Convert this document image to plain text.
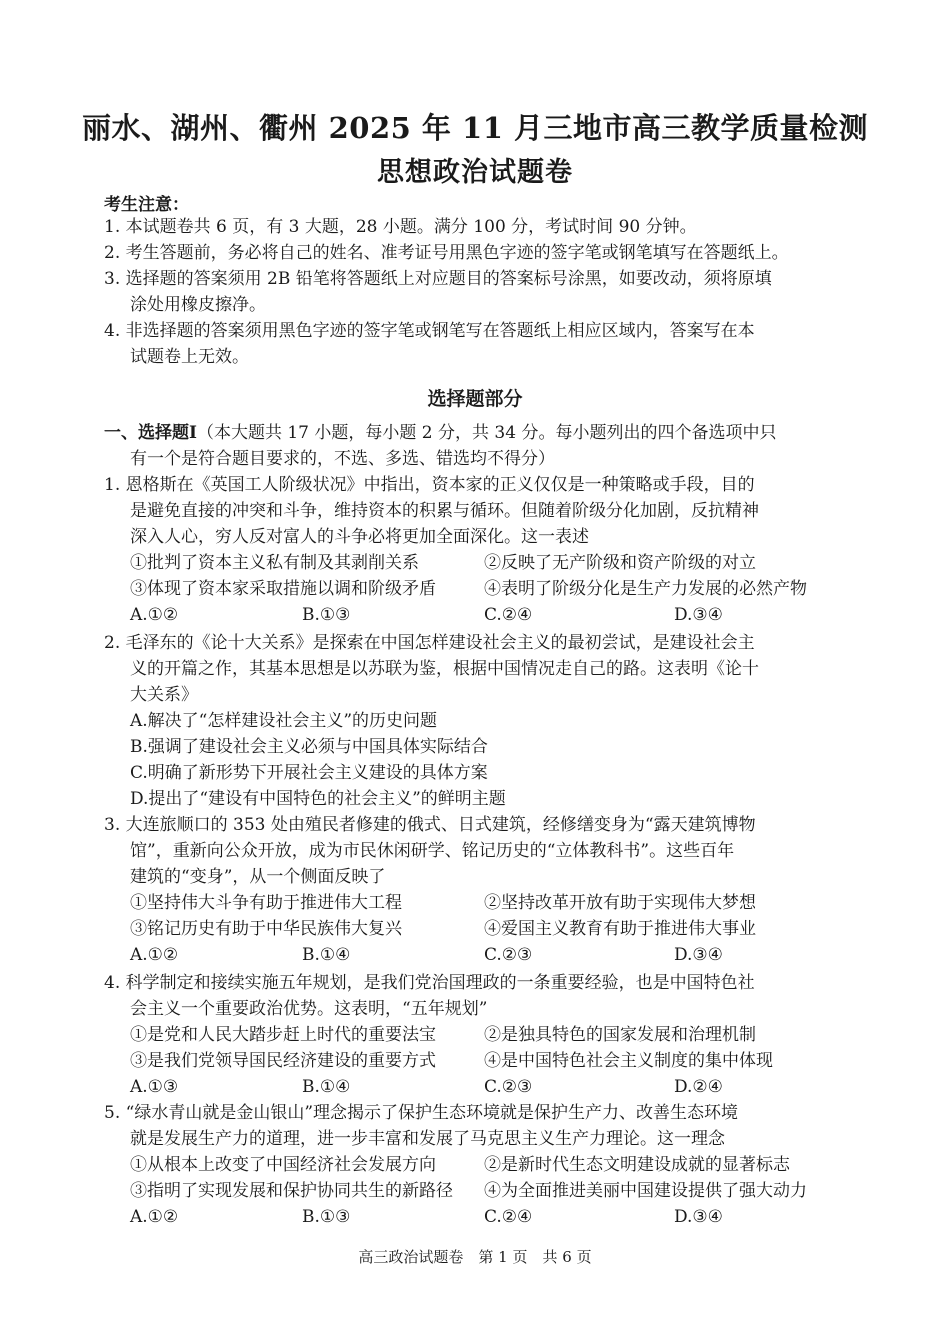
丽水、湖州、衢州 2025 年 11 月三地市高三教学质量检测
思想政治试题卷
考生注意：
1. 本试题卷共 6 页，有 3 大题，28 小题。满分 100 分，考试时间 90 分钟。
2. 考生答题前，务必将自己的姓名、准考证号用黑色字迹的签字笔或钢笔填写在答题纸上。
3. 选择题的答案须用 2B 铅笔将答题纸上对应题目的答案标号涂黑，如要改动，须将原填
涂处用橡皮擦净。
4. 非选择题的答案须用黑色字迹的签字笔或钢笔写在答题纸上相应区域内，答案写在本
试题卷上无效。
选择题部分
一、选择题Ⅰ（本大题共 17 小题，每小题 2 分，共 34 分。每小题列出的四个备选项中只
有一个是符合题目要求的，不选、多选、错选均不得分）
1. 恩格斯在《英国工人阶级状况》中指出，资本家的正义仅仅是一种策略或手段，目的
是避免直接的冲突和斗争，维持资本的积累与循环。但随着阶级分化加剧，反抗精神
深入人心，穷人反对富人的斗争必将更加全面深化。这一表述
①批判了资本主义私有制及其剥削关系	②反映了无产阶级和资产阶级的对立
③体现了资本家采取措施以调和阶级矛盾	④表明了阶级分化是生产力发展的必然产物
A.①②	B.①③	C.②④	D.③④
2. 毛泽东的《论十大关系》是探索在中国怎样建设社会主义的最初尝试，是建设社会主
义的开篇之作，其基本思想是以苏联为鉴，根据中国情况走自己的路。这表明《论十
大关系》
A.解决了“怎样建设社会主义”的历史问题
B.强调了建设社会主义必须与中国具体实际结合
C.明确了新形势下开展社会主义建设的具体方案
D.提出了“建设有中国特色的社会主义”的鲜明主题
3. 大连旅顺口的 353 处由殖民者修建的俄式、日式建筑，经修缮变身为“露天建筑博物
馆”，重新向公众开放，成为市民休闲研学、铭记历史的“立体教科书”。这些百年
建筑的“变身”，从一个侧面反映了
①坚持伟大斗争有助于推进伟大工程	②坚持改革开放有助于实现伟大梦想
③铭记历史有助于中华民族伟大复兴	④爱国主义教育有助于推进伟大事业
A.①②	B.①④	C.②③	D.③④
4. 科学制定和接续实施五年规划，是我们党治国理政的一条重要经验，也是中国特色社
会主义一个重要政治优势。这表明，“五年规划”
①是党和人民大踏步赶上时代的重要法宝	②是独具特色的国家发展和治理机制
③是我们党领导国民经济建设的重要方式	④是中国特色社会主义制度的集中体现
A.①③	B.①④	C.②③	D.②④
5. “绿水青山就是金山银山”理念揭示了保护生态环境就是保护生产力、改善生态环境
就是发展生产力的道理，进一步丰富和发展了马克思主义生产力理论。这一理念
①从根本上改变了中国经济社会发展方向	②是新时代生态文明建设成就的显著标志
③指明了实现发展和保护协同共生的新路径 ④为全面推进美丽中国建设提供了强大动力
A.①②	B.①③	C.②④	D.③④
高三政治试题卷　第 1 页　共 6 页
